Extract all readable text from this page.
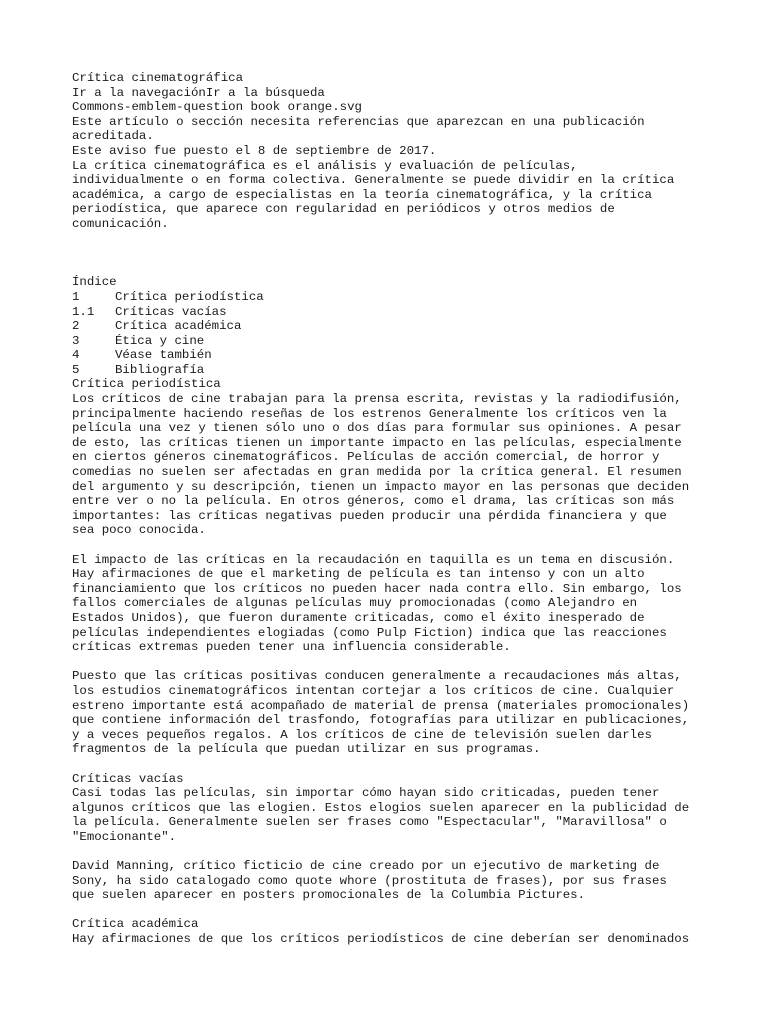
Crítica cinematográfica
Ir a la navegaciónIr a la búsqueda
Commons-emblem-question book orange.svg
Este artículo o sección necesita referencias que aparezcan en una publicación
acreditada.
Este aviso fue puesto el 8 de septiembre de 2017.
La crítica cinematográfica es el análisis y evaluación de películas,
individualmente o en forma colectiva. Generalmente se puede dividir en la crítica
académica, a cargo de especialistas en la teoría cinematográfica, y la crítica
periodística, que aparece con regularidad en periódicos y otros medios de
comunicación.
Índice
1	Crítica periodística
1.1 Críticas vacías
2	Crítica académica
3	Ética y cine
4	Véase también
5	Bibliografía
Crítica periodística
Los críticos de cine trabajan para la prensa escrita, revistas y la radiodifusión,
principalmente haciendo reseñas de los estrenos Generalmente los críticos ven la
película una vez y tienen sólo uno o dos días para formular sus opiniones. A pesar
de esto, las críticas tienen un importante impacto en las películas, especialmente
en ciertos géneros cinematográficos. Películas de acción comercial, de horror y
comedias no suelen ser afectadas en gran medida por la crítica general. El resumen
del argumento y su descripción, tienen un impacto mayor en las personas que deciden
entre ver o no la película. En otros géneros, como el drama, las críticas son más
importantes: las críticas negativas pueden producir una pérdida financiera y que
sea poco conocida.
El impacto de las críticas en la recaudación en taquilla es un tema en discusión.
Hay afirmaciones de que el marketing de película es tan intenso y con un alto
financiamiento que los críticos no pueden hacer nada contra ello. Sin embargo, los
fallos comerciales de algunas películas muy promocionadas (como Alejandro en
Estados Unidos), que fueron duramente criticadas, como el éxito inesperado de
películas independientes elogiadas (como Pulp Fiction) indica que las reacciones
críticas extremas pueden tener una influencia considerable.
Puesto que las críticas positivas conducen generalmente a recaudaciones más altas,
los estudios cinematográficos intentan cortejar a los críticos de cine. Cualquier
estreno importante está acompañado de material de prensa (materiales promocionales)
que contiene información del trasfondo, fotografías para utilizar en publicaciones,
y a veces pequeños regalos. A los críticos de cine de televisión suelen darles
fragmentos de la película que puedan utilizar en sus programas.
Críticas vacías
Casi todas las películas, sin importar cómo hayan sido criticadas, pueden tener
algunos críticos que las elogien. Estos elogios suelen aparecer en la publicidad de
la película. Generalmente suelen ser frases como "Espectacular", "Maravillosa" o
"Emocionante".
David Manning, crítico ficticio de cine creado por un ejecutivo de marketing de
Sony, ha sido catalogado como quote whore (prostituta de frases), por sus frases
que suelen aparecer en posters promocionales de la Columbia Pictures.
Crítica académica
Hay afirmaciones de que los críticos periodísticos de cine deberían ser denominados
